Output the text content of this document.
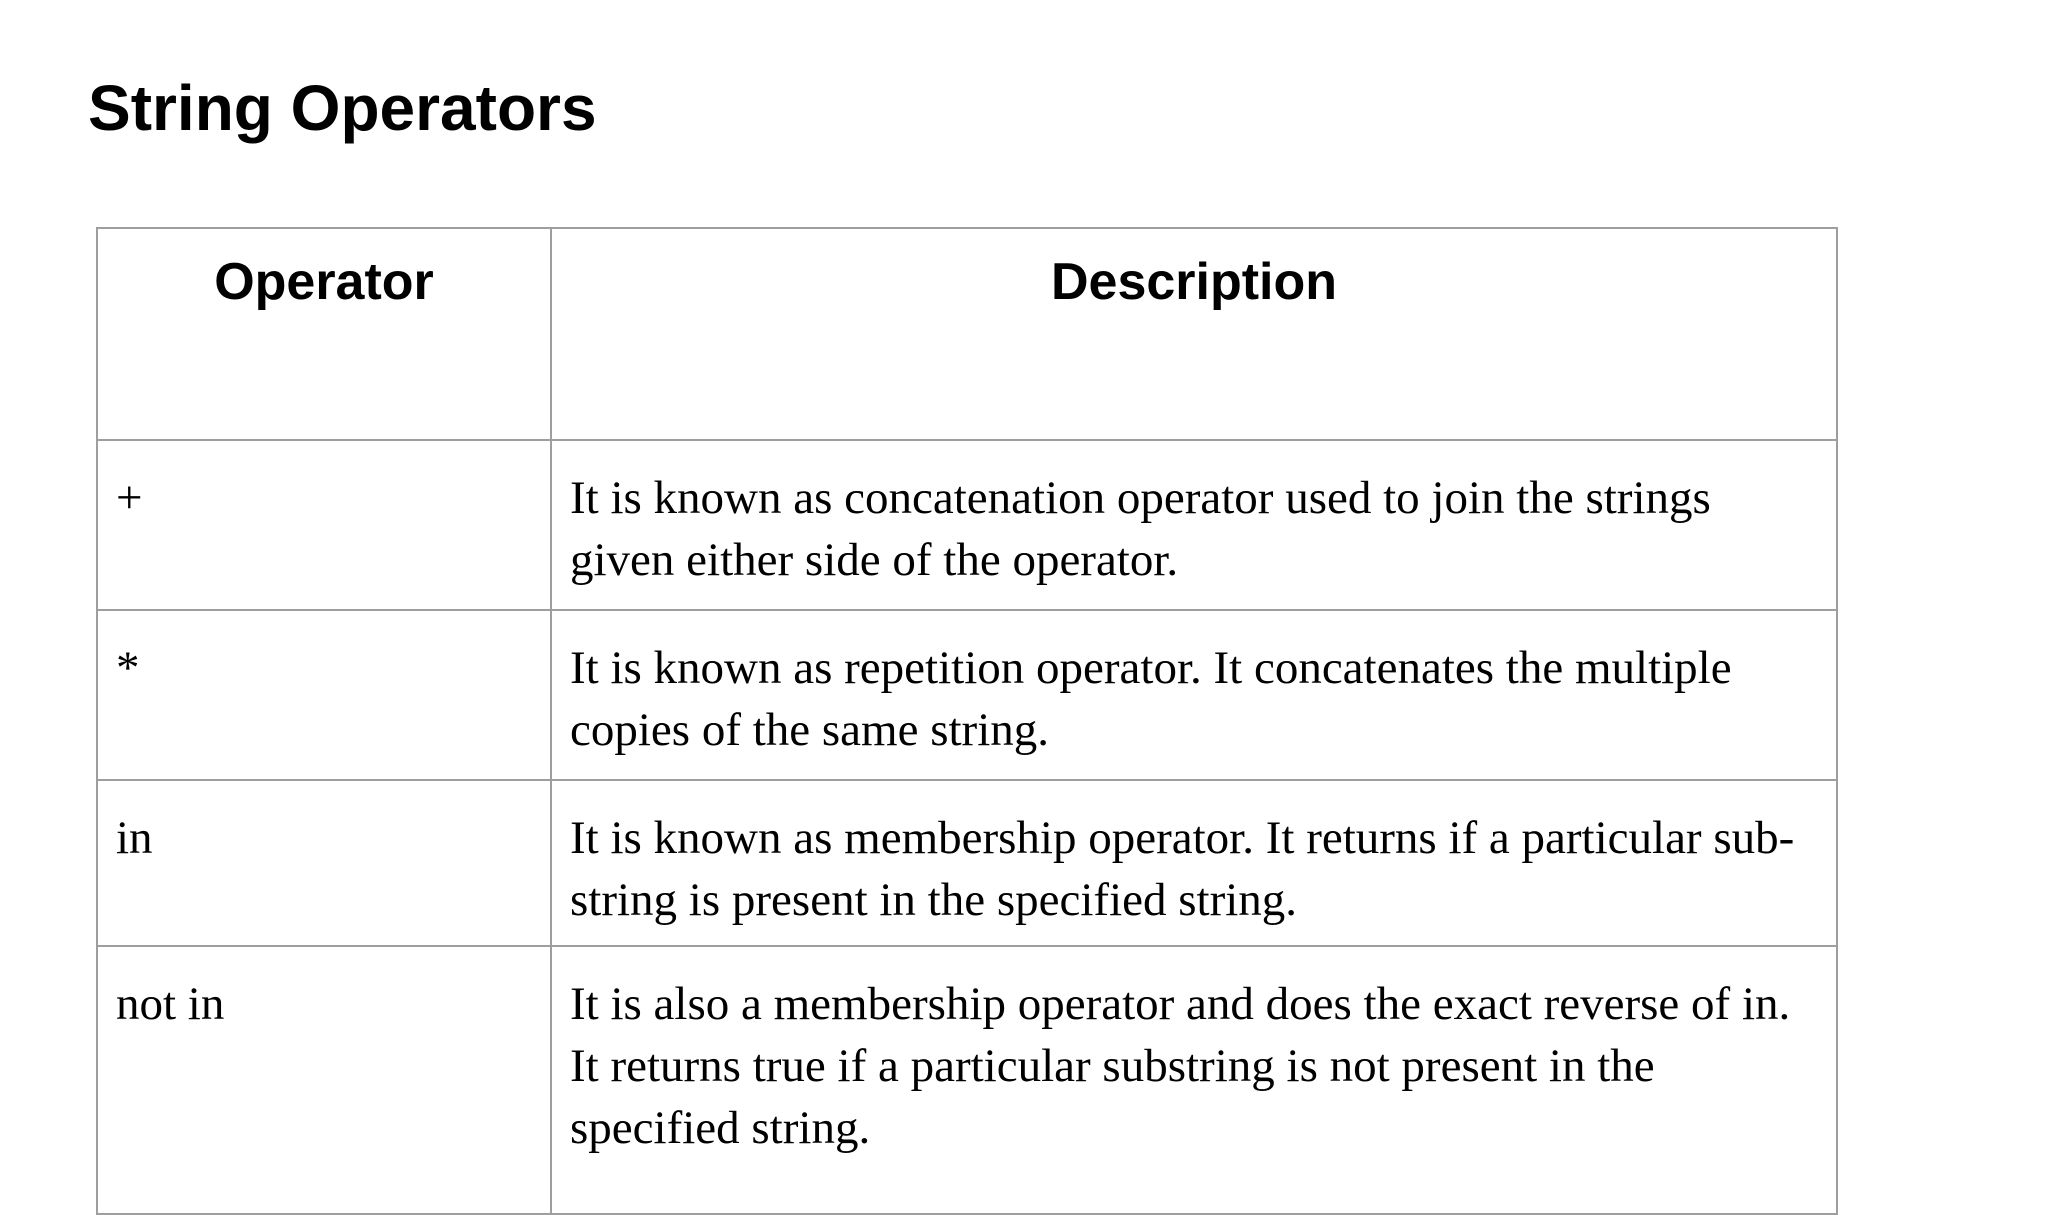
String Operators
Operator	Description
+	It is known as concatenation operator used to join the strings given either side of the operator.
*	It is known as repetition operator. It concatenates the multiple copies of the same string.
in	It is known as membership operator. It returns if a particular sub-string is present in the specified string.
not in	It is also a membership operator and does the exact reverse of in. It returns true if a particular substring is not present in the specified string.
